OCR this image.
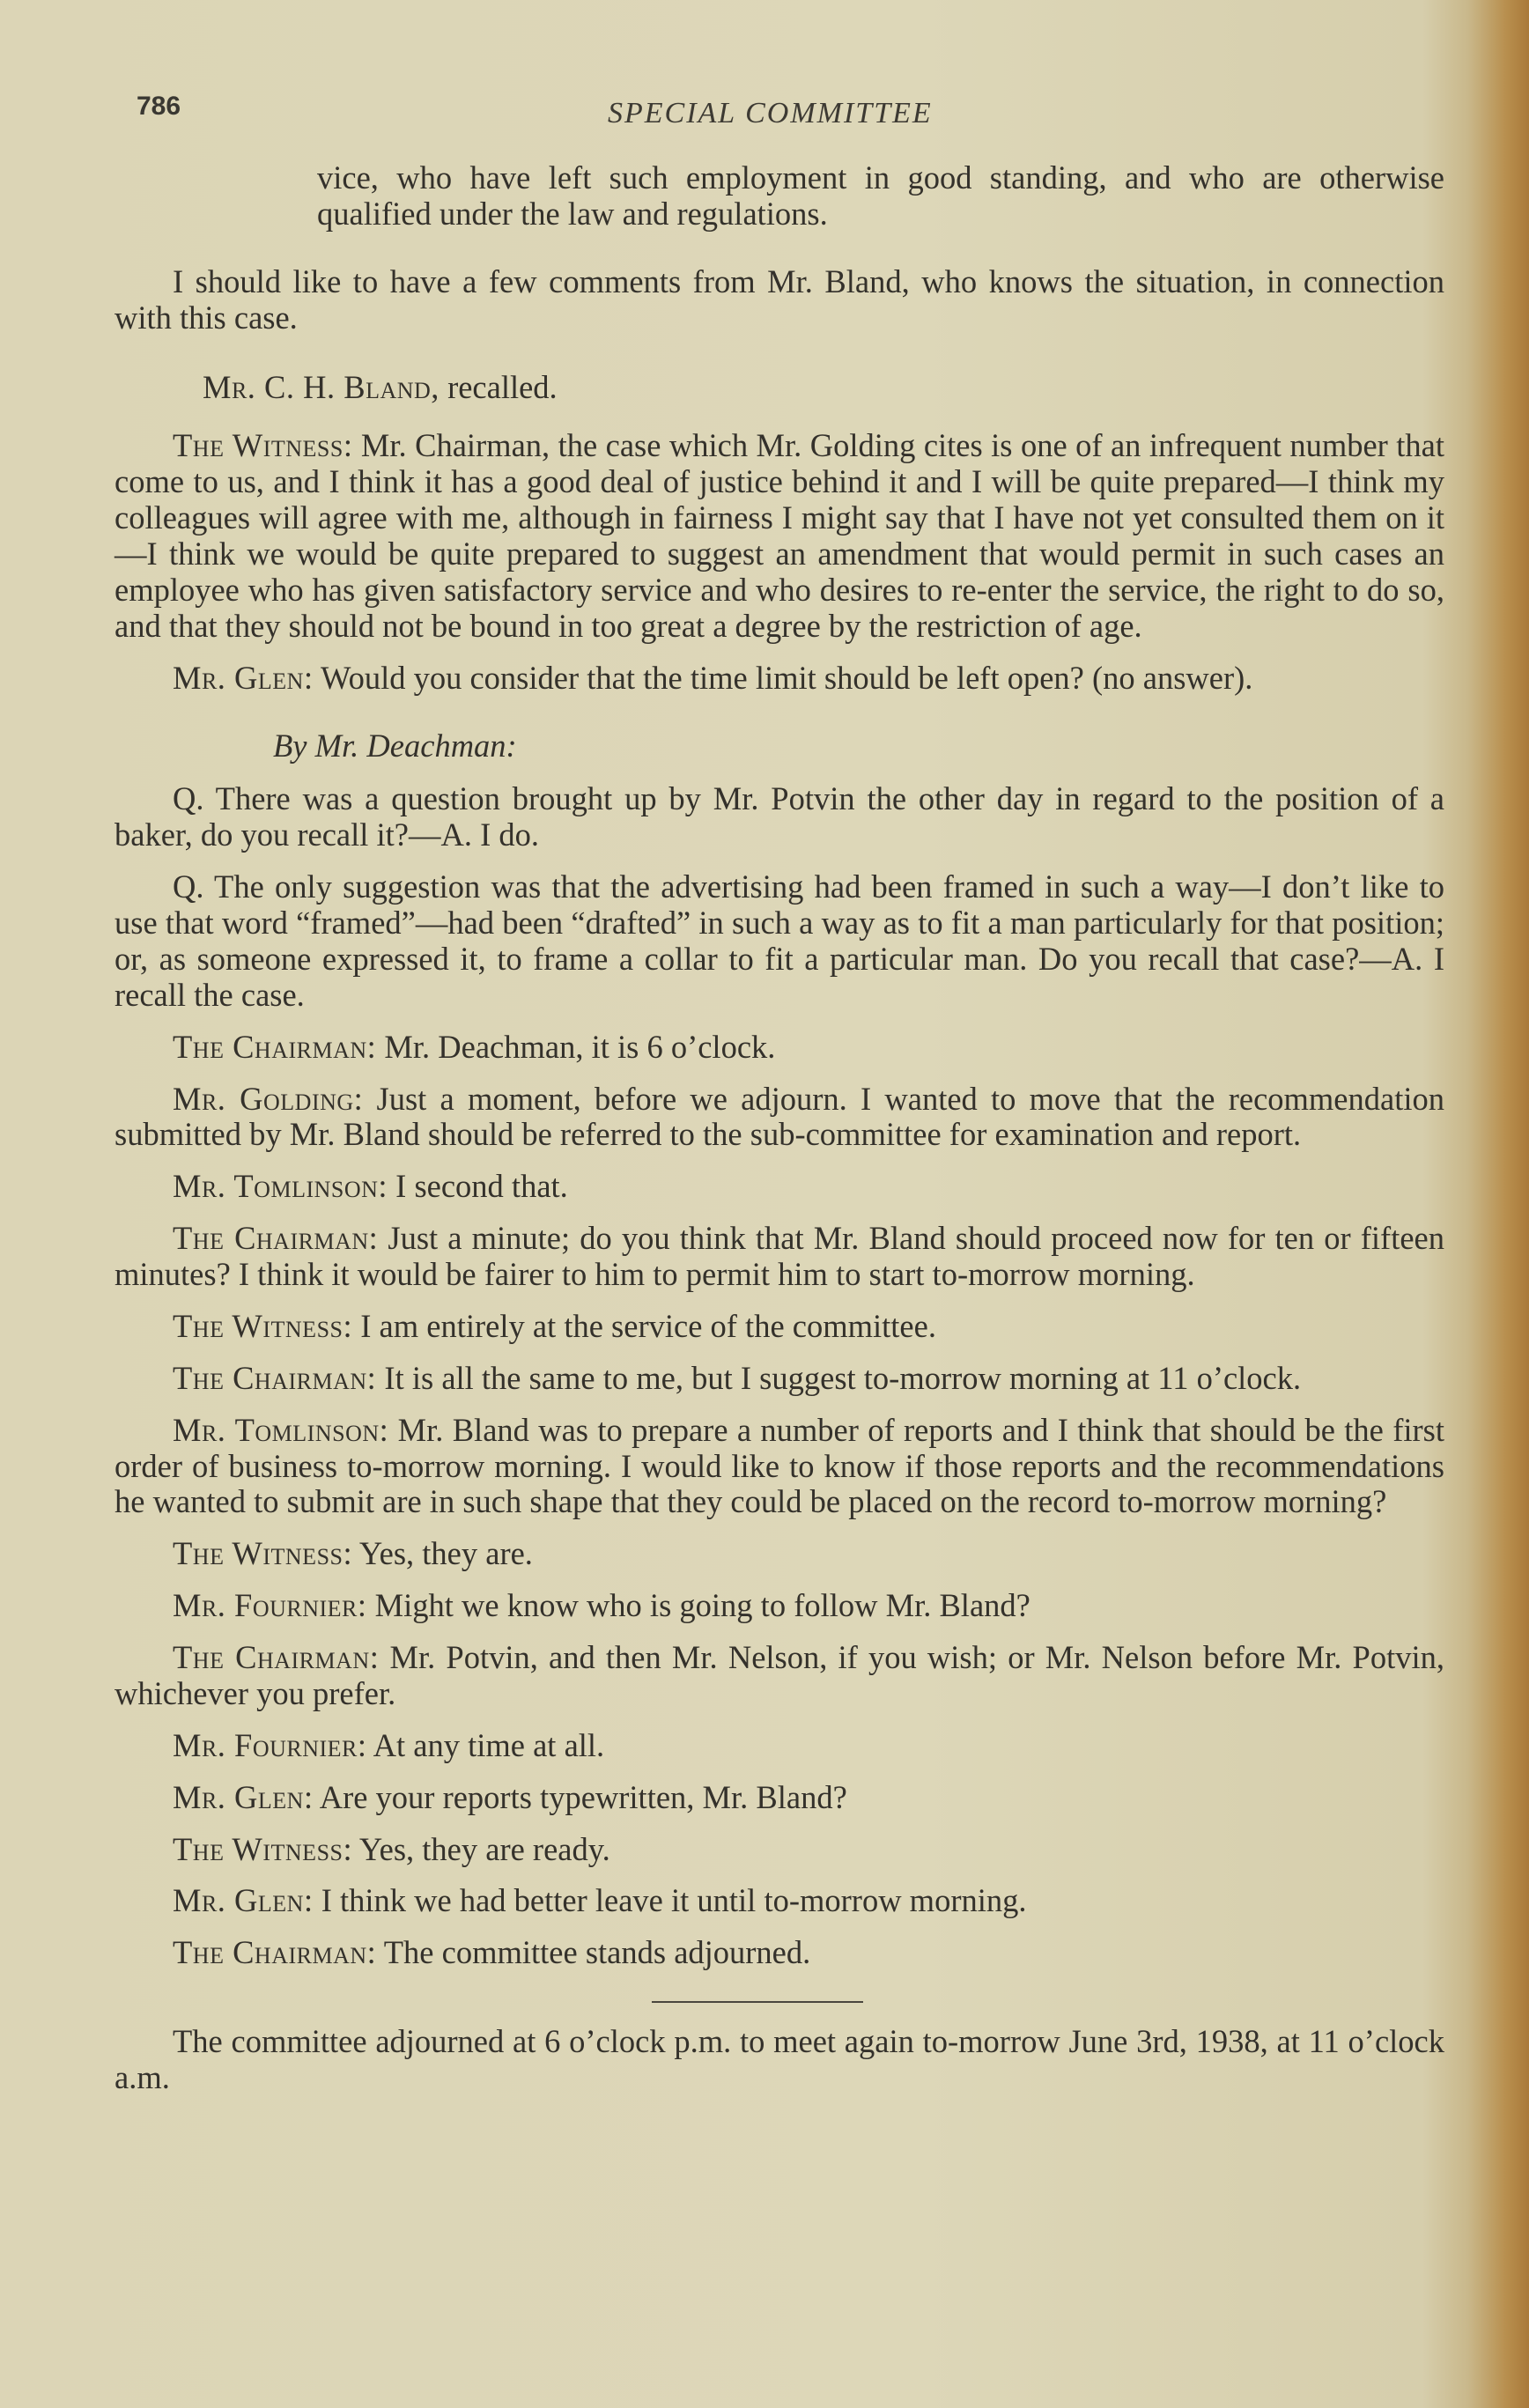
786	SPECIAL COMMITTEE

vice, who have left such employment in good standing, and who are otherwise qualified under the law and regulations.

I should like to have a few comments from Mr. Bland, who knows the situation, in connection with this case.

Mr. C. H. Bland, recalled.

The Witness: Mr. Chairman, the case which Mr. Golding cites is one of an infrequent number that come to us, and I think it has a good deal of justice behind it and I will be quite prepared—I think my colleagues will agree with me, although in fairness I might say that I have not yet consulted them on it—I think we would be quite prepared to suggest an amendment that would permit in such cases an employee who has given satisfactory service and who desires to re-enter the service, the right to do so, and that they should not be bound in too great a degree by the restriction of age.

Mr. Glen: Would you consider that the time limit should be left open? (no answer).

By Mr. Deachman:

Q. There was a question brought up by Mr. Potvin the other day in regard to the position of a baker, do you recall it?—A. I do.

Q. The only suggestion was that the advertising had been framed in such a way—I don’t like to use that word “framed”—had been “drafted” in such a way as to fit a man particularly for that position; or, as someone expressed it, to frame a collar to fit a particular man. Do you recall that case?—A. I recall the case.

The Chairman: Mr. Deachman, it is 6 o’clock.

Mr. Golding: Just a moment, before we adjourn. I wanted to move that the recommendation submitted by Mr. Bland should be referred to the sub-committee for examination and report.

Mr. Tomlinson: I second that.

The Chairman: Just a minute; do you think that Mr. Bland should proceed now for ten or fifteen minutes? I think it would be fairer to him to permit him to start to-morrow morning.

The Witness: I am entirely at the service of the committee.

The Chairman: It is all the same to me, but I suggest to-morrow morning at 11 o’clock.

Mr. Tomlinson: Mr. Bland was to prepare a number of reports and I think that should be the first order of business to-morrow morning. I would like to know if those reports and the recommendations he wanted to submit are in such shape that they could be placed on the record to-morrow morning?

The Witness: Yes, they are.

Mr. Fournier: Might we know who is going to follow Mr. Bland?

The Chairman: Mr. Potvin, and then Mr. Nelson, if you wish; or Mr. Nelson before Mr. Potvin, whichever you prefer.

Mr. Fournier: At any time at all.

Mr. Glen: Are your reports typewritten, Mr. Bland?

The Witness: Yes, they are ready.

Mr. Glen: I think we had better leave it until to-morrow morning.

The Chairman: The committee stands adjourned.

The committee adjourned at 6 o’clock p.m. to meet again to-morrow June 3rd, 1938, at 11 o’clock a.m.
